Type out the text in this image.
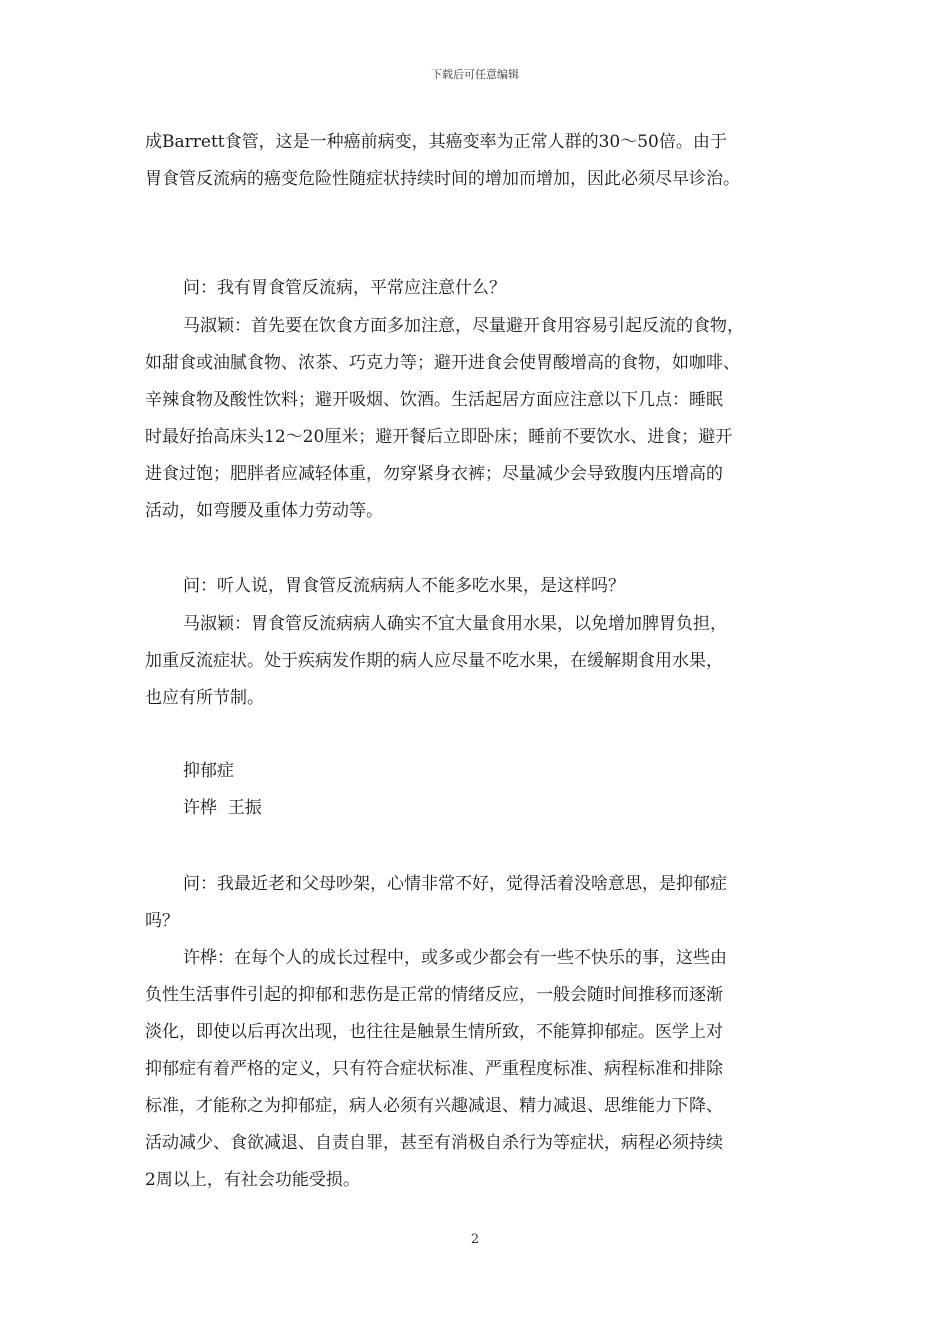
下载后可任意编辑
成Barrett食管，这是一种癌前病变，其癌变率为正常人群的30～50倍。由于
胃食管反流病的癌变危险性随症状持续时间的增加而增加，因此必须尽早诊治。
问：我有胃食管反流病，平常应注意什么？
马淑颖：首先要在饮食方面多加注意，尽量避开食用容易引起反流的食物，
如甜食或油腻食物、浓茶、巧克力等；避开进食会使胃酸增高的食物，如咖啡、
辛辣食物及酸性饮料；避开吸烟、饮酒。生活起居方面应注意以下几点：睡眠
时最好抬高床头12～20厘米；避开餐后立即卧床；睡前不要饮水、进食；避开
进食过饱；肥胖者应减轻体重，勿穿紧身衣裤；尽量减少会导致腹内压增高的
活动，如弯腰及重体力劳动等。
问：听人说，胃食管反流病病人不能多吃水果，是这样吗？
马淑颖：胃食管反流病病人确实不宜大量食用水果，以免增加脾胃负担，
加重反流症状。处于疾病发作期的病人应尽量不吃水果，在缓解期食用水果，
也应有所节制。
抑郁症
许桦  王振
问：我最近老和父母吵架，心情非常不好，觉得活着没啥意思，是抑郁症
吗？
许桦：在每个人的成长过程中，或多或少都会有一些不快乐的事，这些由
负性生活事件引起的抑郁和悲伤是正常的情绪反应，一般会随时间推移而逐渐
淡化，即使以后再次出现，也往往是触景生情所致，不能算抑郁症。医学上对
抑郁症有着严格的定义，只有符合症状标准、严重程度标准、病程标准和排除
标准，才能称之为抑郁症，病人必须有兴趣减退、精力减退、思维能力下降、
活动减少、食欲减退、自责自罪，甚至有消极自杀行为等症状，病程必须持续
2周以上，有社会功能受损。
2
